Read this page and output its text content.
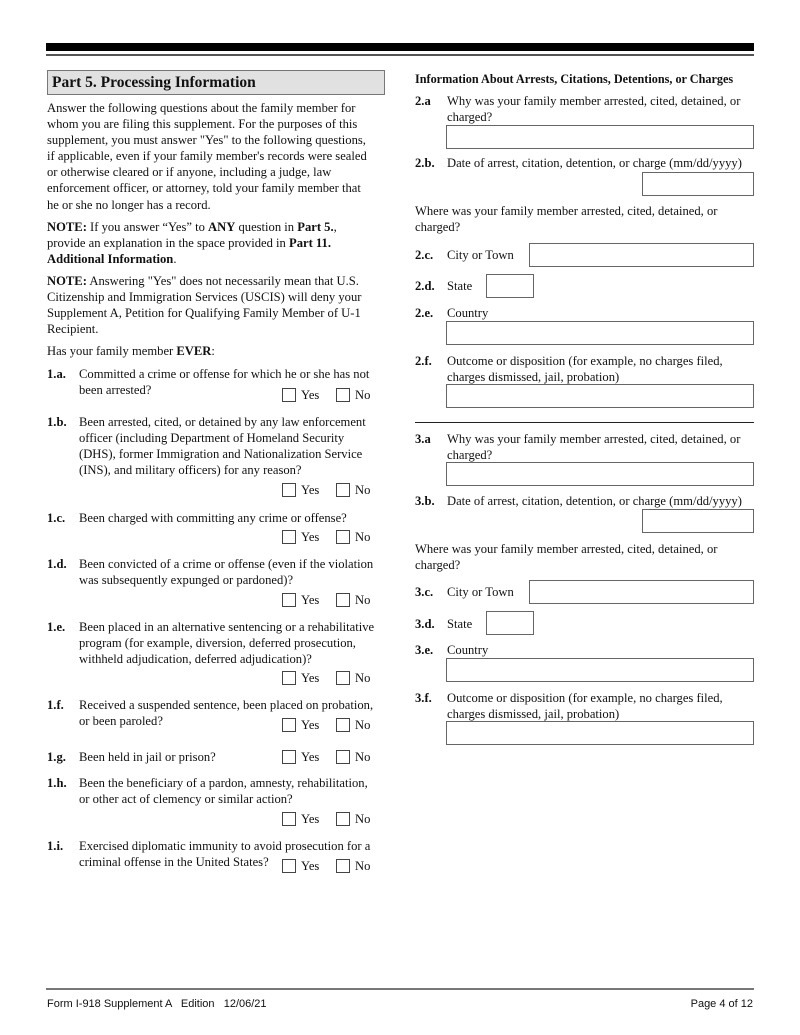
Part 5. Processing Information
Answer the following questions about the family member for
whom you are filing this supplement. For the purposes of this
supplement, you must answer "Yes" to the following questions,
if applicable, even if your family member's records were sealed
or otherwise cleared or if anyone, including a judge, law
enforcement officer, or attorney, told your family member that
he or she no longer has a record.
NOTE: If you answer “Yes” to ANY question in Part 5.,
provide an explanation in the space provided in Part 11.
Additional Information.
NOTE: Answering "Yes" does not necessarily mean that U.S.
Citizenship and Immigration Services (USCIS) will deny your
Supplement A, Petition for Qualifying Family Member of U-1
Recipient.
Has your family member EVER:
1.a. Committed a crime or offense for which he or she has not
been arrested?	Yes	No
1.b. Been arrested, cited, or detained by any law enforcement
officer (including Department of Homeland Security
(DHS), former Immigration and Nationalization Service
(INS), and military officers) for any reason?
Yes	No
1.c. Been charged with committing any crime or offense?
Yes	No
1.d. Been convicted of a crime or offense (even if the violation
was subsequently expunged or pardoned)?
Yes	No
1.e. Been placed in an alternative sentencing or a rehabilitative
program (for example, diversion, deferred prosecution,
withheld adjudication, deferred adjudication)?
Yes	No
1.f. Received a suspended sentence, been placed on probation,
or been paroled?	Yes	No
1.g. Been held in jail or prison?	Yes	No
1.h. Been the beneficiary of a pardon, amnesty, rehabilitation,
or other act of clemency or similar action?
Yes	No
1.i. Exercised diplomatic immunity to avoid prosecution for a
criminal offense in the United States?	Yes	No
Information About Arrests, Citations, Detentions, or Charges
2.a Why was your family member arrested, cited, detained, or
charged?
2.b. Date of arrest, citation, detention, or charge (mm/dd/yyyy)
Where was your family member arrested, cited, detained, or
charged?
2.c. City or Town
2.d. State
2.e. Country
2.f. Outcome or disposition (for example, no charges filed,
charges dismissed, jail, probation)
3.a Why was your family member arrested, cited, detained, or
charged?
3.b. Date of arrest, citation, detention, or charge (mm/dd/yyyy)
Where was your family member arrested, cited, detained, or
charged?
3.c. City or Town
3.d. State
3.e. Country
3.f. Outcome or disposition (for example, no charges filed,
charges dismissed, jail, probation)
Form I-918 Supplement A   Edition   12/06/21	Page 4 of 12
